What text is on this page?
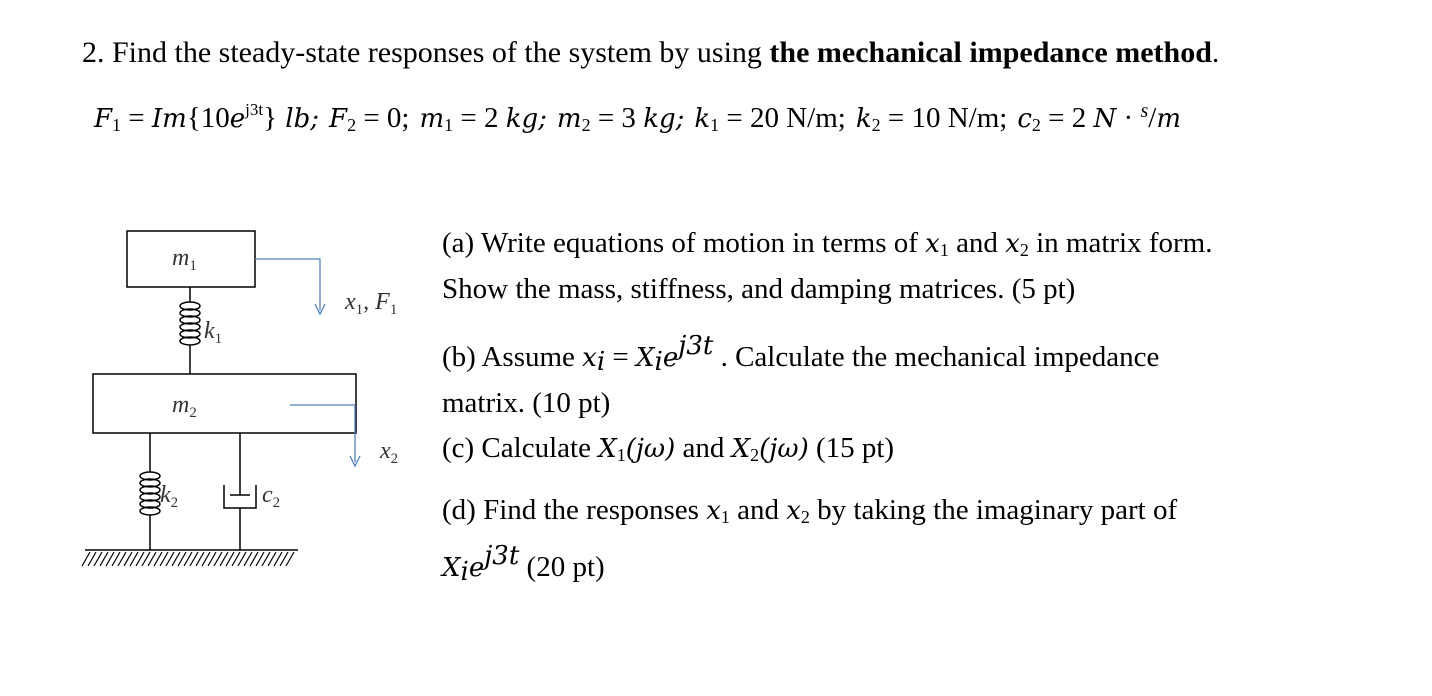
2. Find the steady-state responses of the system by using the mechanical impedance method.
$F_1 = Im\{10e^{j3t}\}$ lb; $F_2 = 0$; $m_1 = 2$ kg; $m_2 = 3$ kg; $k_1 = 20$ N/m; $k_2 = 10$ N/m; $c_2 = 2$ N · $^s$/m
$m_1$
$x_1$, $F_1$
$k_1$
$m_2$
$x_2$
$k_2$	$c_2$

(a) Write equations of motion in terms of $x_1$ and $x_2$ in matrix form.
Show the mass, stiffness, and damping matrices. (5 pt)

(b) Assume $x_i = X_ie^{j3t}$ . Calculate the mechanical impedance
matrix. (10 pt)

(c) Calculate $X_1(j\omega)$ and $X_2(j\omega)$ (15 pt)

(d) Find the responses $x_1$ and $x_2$ by taking the imaginary part of
$X_ie^{j3t}$ (20 pt)
